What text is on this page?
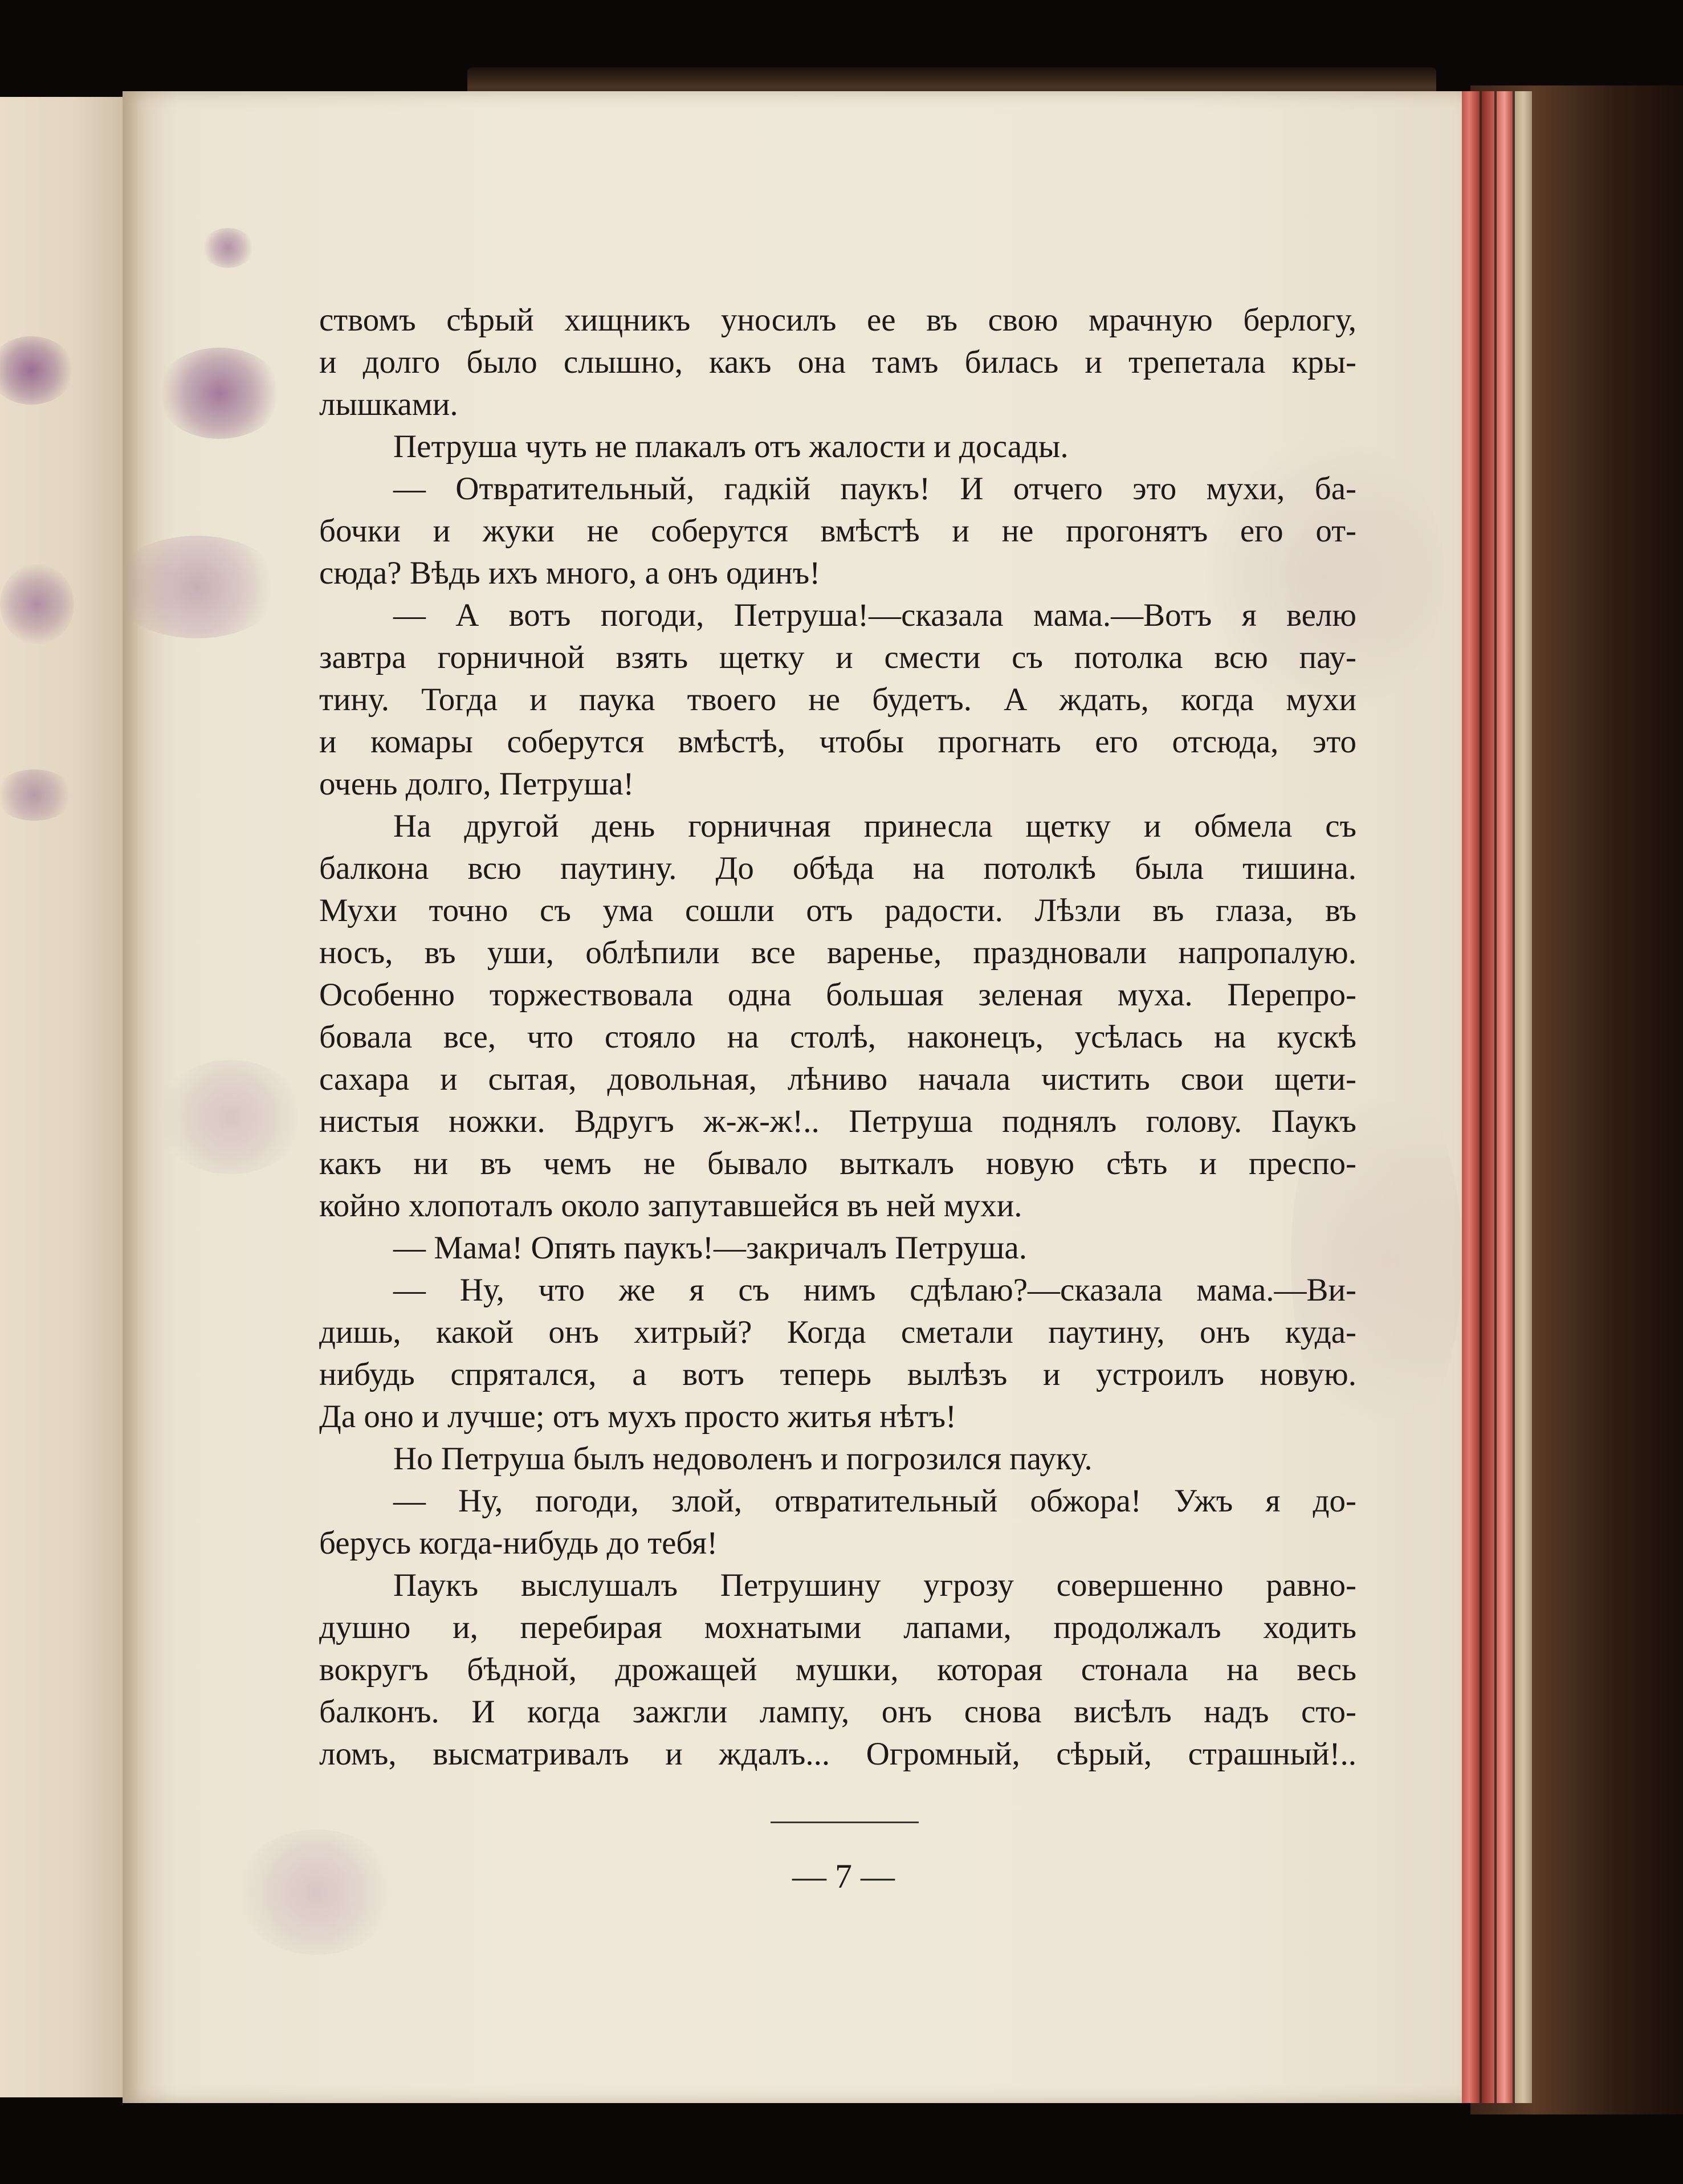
ствомъ сѣрый хищникъ уносилъ ее въ свою мрачную берлогу,

и долго было слышно, какъ она тамъ билась и трепетала кры-

лышками.

Петруша чуть не плакалъ отъ жалости и досады.

— Отвратительный, гадкій паукъ! И отчего это мухи, ба-

бочки и жуки не соберутся вмѣстѣ и не прогонятъ его от-

сюда? Вѣдь ихъ много, а онъ одинъ!

— А вотъ погоди, Петруша!—сказала мама.—Вотъ я велю

завтра горничной взять щетку и смести съ потолка всю пау-

тину. Тогда и паука твоего не будетъ. А ждать, когда мухи

и комары соберутся вмѣстѣ, чтобы прогнать его отсюда, это

очень долго, Петруша!

На другой день горничная принесла щетку и обмела съ

балкона всю паутину. До обѣда на потолкѣ была тишина.

Мухи точно съ ума сошли отъ радости. Лѣзли въ глаза, въ

носъ, въ уши, облѣпили все варенье, праздновали напропалую.

Особенно торжествовала одна большая зеленая муха. Перепро-

бовала все, что стояло на столѣ, наконецъ, усѣлась на кускѣ

сахара и сытая, довольная, лѣниво начала чистить свои щети-

нистыя ножки. Вдругъ ж-ж-ж!.. Петруша поднялъ голову. Паукъ

какъ ни въ чемъ не бывало выткалъ новую сѣть и преспо-

койно хлопоталъ около запутавшейся въ ней мухи.

— Мама! Опять паукъ!—закричалъ Петруша.

— Ну, что же я съ нимъ сдѣлаю?—сказала мама.—Ви-

дишь, какой онъ хитрый? Когда сметали паутину, онъ куда-

нибудь спрятался, а вотъ теперь вылѣзъ и устроилъ новую.

Да оно и лучше; отъ мухъ просто житья нѣтъ!

Но Петруша былъ недоволенъ и погрозился пауку.

— Ну, погоди, злой, отвратительный обжора! Ужъ я до-

берусь когда-нибудь до тебя!

Паукъ выслушалъ Петрушину угрозу совершенно равно-

душно и, перебирая мохнатыми лапами, продолжалъ ходить

вокругъ бѣдной, дрожащей мушки, которая стонала на весь

балконъ. И когда зажгли лампу, онъ снова висѣлъ надъ сто-

ломъ, высматривалъ и ждалъ... Огромный, сѣрый, страшный!..

— 7 —
